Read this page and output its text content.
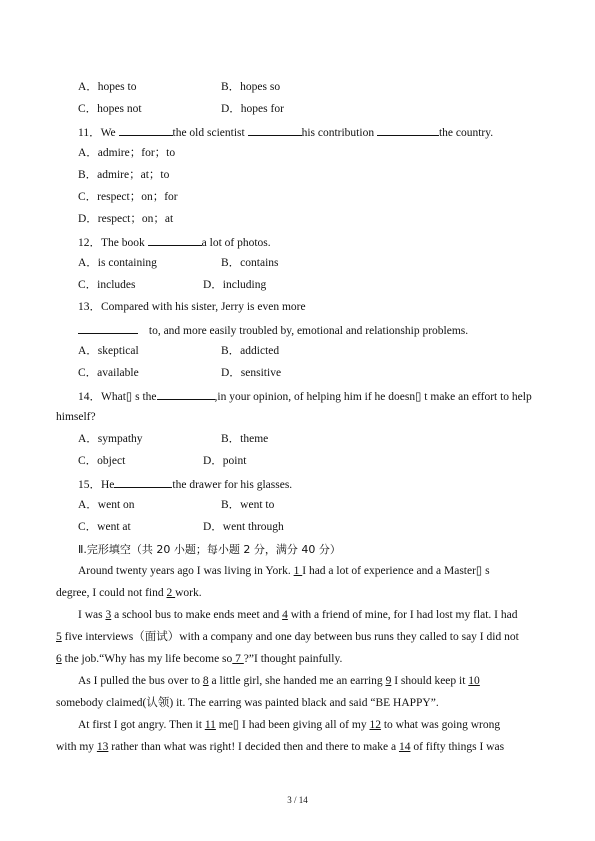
A．hopes to	B．hopes so
C．hopes not	D．hopes for
11．We	the old scientist	his contribution	the country.
A．admire；for；to
B．admire；at；to
C．respect；on；for
D．respect；on；at
12．The book	a lot of photos.
A．is containing	B．contains
C．includes	D．including
13．Compared with his sister, Jerry is even more
to, and more easily troubled by, emotional and relationship problems.
A．skeptical	B．addicted
C．available	D．sensitive
14．What▯ s the	,in your opinion, of helping him if he doesn▯ t make an effort to help
himself?
A．sympathy	B．theme
C．object	D．point
15．He	the drawer for his glasses.
A．went on	B．went to
C．went at	D．went through
Ⅱ.完形填空（共 20 小题；每小题 2 分，满分 40 分）
Around twenty years ago I was living in York. 1 I had a lot of experience and a Master▯ s
degree, I could not find 2 work.
I was 3 a school bus to make ends meet and 4 with a friend of mine, for I had lost my flat. I had
5 five interviews（面试）with a company and one day between bus runs they called to say I did not
6 the job.“Why has my life become so 7 ?”I thought painfully.
As I pulled the bus over to 8 a little girl, she handed me an earring 9 I should keep it 10
somebody claimed(认领) it. The earring was painted black and said “BE HAPPY”.
At first I got angry. Then it 11 me▯ I had been giving all of my 12 to what was going wrong
with my 13 rather than what was right! I decided then and there to make a 14 of fifty things I was
3 / 14
